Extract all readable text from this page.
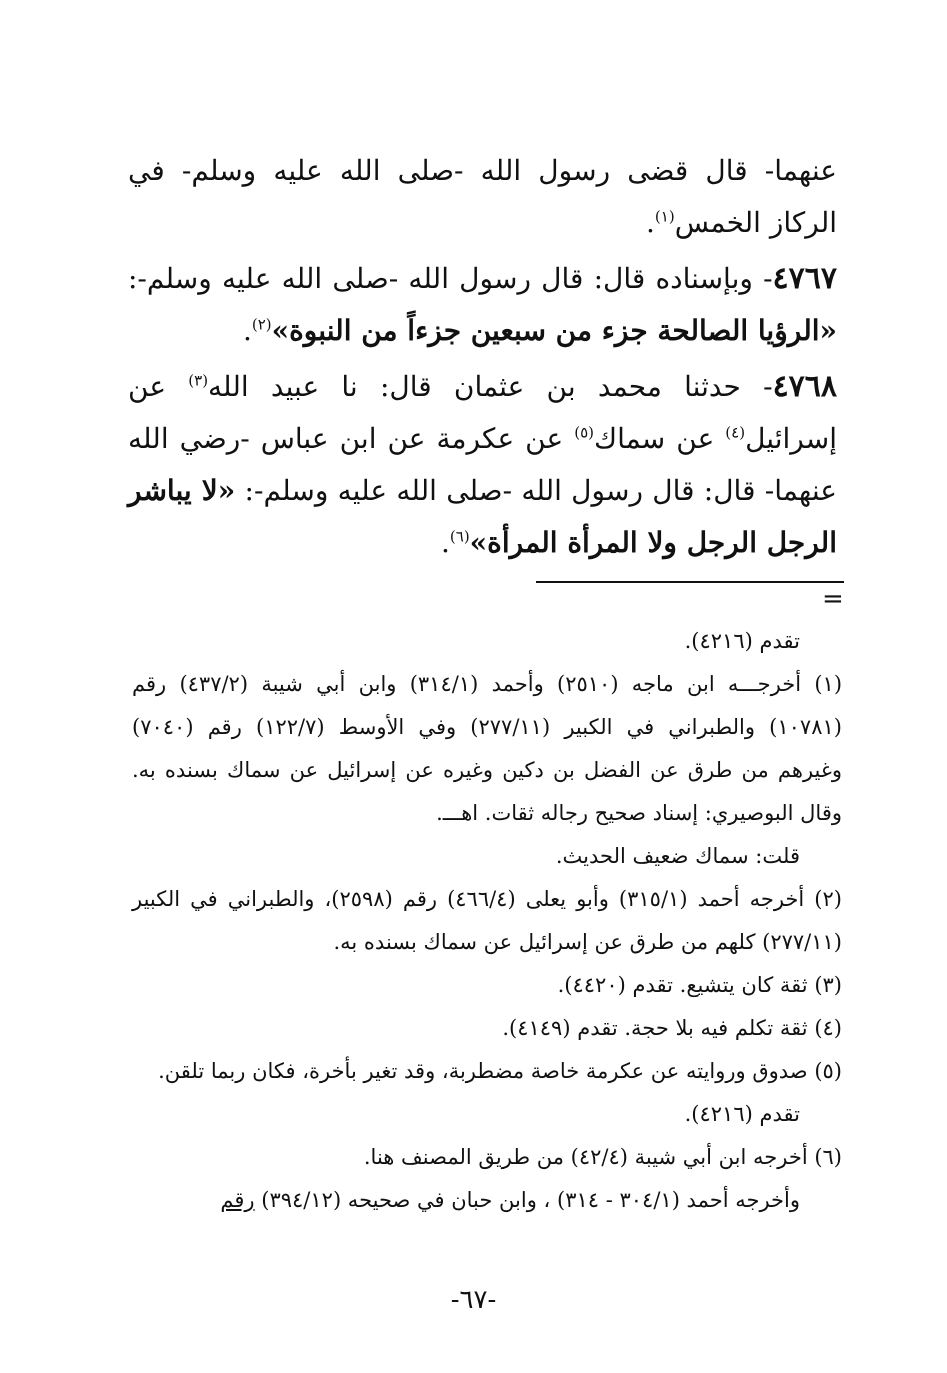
عنهما- قال قضى رسول الله -صلى الله عليه وسلم- في الركاز الخمس$^{(١)}$.

٤٧٦٧- وبإسناده قال: قال رسول الله -صلى الله عليه وسلم-: «الرؤيا الصالحة جزء من سبعين جزءاً من النبوة»$^{(٢)}$.

٤٧٦٨- حدثنا محمد بن عثمان قال: نا عبيد الله$^{(٣)}$ عن إسرائيل$^{(٤)}$ عن سماك$^{(٥)}$ عن عكرمة عن ابن عباس -رضي الله عنهما- قال: قال رسول الله -صلى الله عليه وسلم-: «لا يباشر الرجل الرجل ولا المرأة المرأة»$^{(٦)}$.

=

تقدم (٤٢١٦).

(١) أخرجـــه ابن ماجه (٢٥١٠) وأحمد (٣١٤/١) وابن أبي شيبة (٤٣٧/٢) رقم (١٠٧٨١) والطبراني في الكبير (٢٧٧/١١) وفي الأوسط (١٢٢/٧) رقم (٧٠٤٠) وغيرهم من طرق عن الفضل بن دكين وغيره عن إسرائيل عن سماك بسنده به. وقال البوصيري: إسناد صحيح رجاله ثقات. اهـــ.

قلت: سماك ضعيف الحديث.

(٢) أخرجه أحمد (٣١٥/١) وأبو يعلى (٤٦٦/٤) رقم (٢٥٩٨)، والطبراني في الكبير (٢٧٧/١١) كلهم من طرق عن إسرائيل عن سماك بسنده به.

(٣) ثقة كان يتشيع. تقدم (٤٤٢٠).

(٤) ثقة تكلم فيه بلا حجة. تقدم (٤١٤٩).

(٥) صدوق وروايته عن عكرمة خاصة مضطربة، وقد تغير بأخرة، فكان ربما تلقن.

تقدم (٤٢١٦).

(٦) أخرجه ابن أبي شيبة (٤٢/٤) من طريق المصنف هنا.

وأخرجه أحمد (٣٠٤/١ - ٣١٤) ، وابن حبان في صحيحه (٣٩٤/١٢) رقم

-٦٧-
